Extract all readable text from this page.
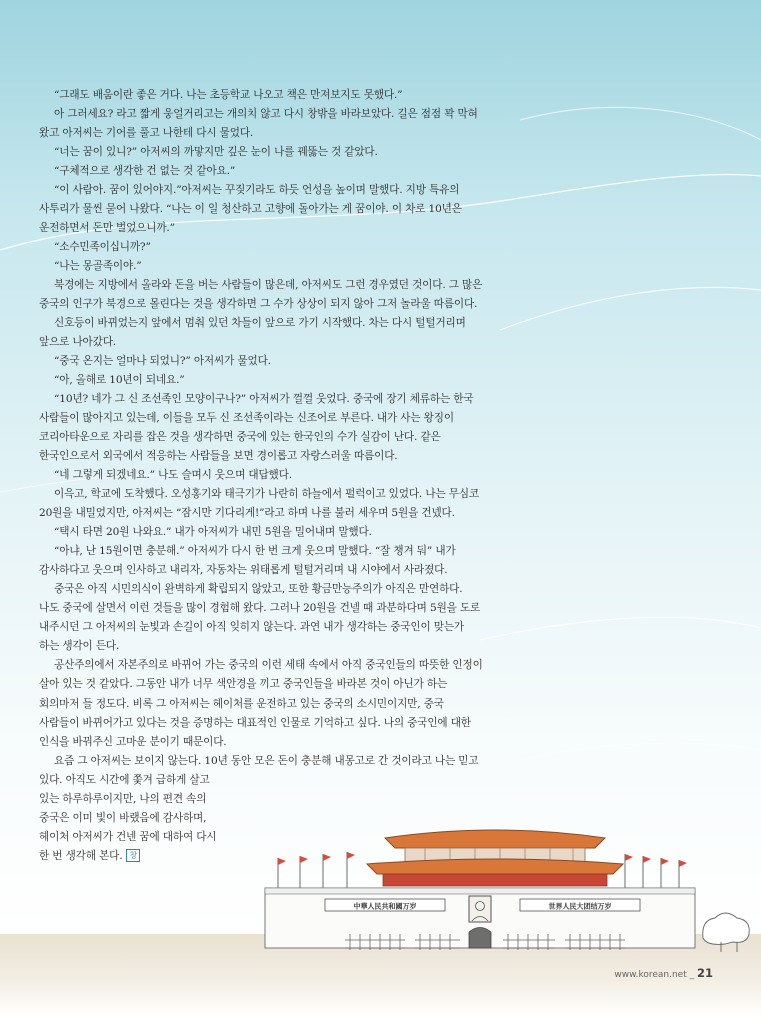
“그래도 배움이란 좋은 거다. 나는 초등학교 나오고 책은 만져보지도 못했다.”
아 그러세요? 라고 짧게 웅얼거리고는 개의치 않고 다시 창밖을 바라보았다. 길은 점점 꽉 막혀
왔고 아저씨는 기어를 풀고 나한테 다시 물었다.
“너는 꿈이 있니?” 아저씨의 까맣지만 깊은 눈이 나를 꿰뚫는 것 같았다.
“구체적으로 생각한 건 없는 것 같아요.”
“이 사람아. 꿈이 있어야지.”아저씨는 꾸짖기라도 하듯 언성을 높이며 말했다. 지방 특유의
사투리가 물씬 묻어 나왔다. “나는 이 일 청산하고 고향에 돌아가는 게 꿈이야. 이 차로 10년은
운전하면서 돈만 벌었으니까.”
“소수민족이십니까?”
“나는 몽골족이야.”
북경에는 지방에서 올라와 돈을 버는 사람들이 많은데, 아저씨도 그런 경우였던 것이다. 그 많은
중국의 인구가 북경으로 몰린다는 것을 생각하면 그 수가 상상이 되지 않아 그저 놀라울 따름이다.
신호등이 바뀌었는지 앞에서 멈춰 있던 차들이 앞으로 가기 시작했다. 차는 다시 털털거리며
앞으로 나아갔다.
“중국 온지는 얼마나 되었니?” 아저씨가 물었다.
“아, 올해로 10년이 되네요.”
“10년? 네가 그 신 조선족인 모양이구나?” 아저씨가 껄껄 웃었다. 중국에 장기 체류하는 한국
사람들이 많아지고 있는데, 이들을 모두 신 조선족이라는 신조어로 부른다. 내가 사는 왕징이
코리아타운으로 자리를 잡은 것을 생각하면 중국에 있는 한국인의 수가 실감이 난다. 같은
한국인으로서 외국에서 적응하는 사람들을 보면 경이롭고 자랑스러울 따름이다.
“네 그렇게 되겠네요.” 나도 슬며시 웃으며 대답했다.
이윽고, 학교에 도착했다. 오성홍기와 태극기가 나란히 하늘에서 펄럭이고 있었다. 나는 무심코
20원을 내밀었지만, 아저씨는 “잠시만 기다리게!”라고 하며 나를 불러 세우며 5원을 건넸다.
“택시 타면 20원 나와요.” 내가 아저씨가 내민 5원을 밀어내며 말했다.
“아냐, 난 15원이면 충분해.” 아저씨가 다시 한 번 크게 웃으며 말했다. “잘 챙겨 둬” 내가
감사하다고 웃으며 인사하고 내리자, 자동차는 위태롭게 털털거리며 내 시야에서 사라졌다.
중국은 아직 시민의식이 완벽하게 확립되지 않았고, 또한 황금만능주의가 아직은 만연하다.
나도 중국에 살면서 이런 것들을 많이 경험해 왔다. 그러나 20원을 건넬 때 과분하다며 5원을 도로
내주시던 그 아저씨의 눈빛과 손길이 아직 잊히지 않는다. 과연 내가 생각하는 중국인이 맞는가
하는 생각이 든다.
공산주의에서 자본주의로 바뀌어 가는 중국의 이런 세태 속에서 아직 중국인들의 따뜻한 인정이
살아 있는 것 같았다. 그동안 내가 너무 색안경을 끼고 중국인들을 바라본 것이 아닌가 하는
회의마저 들 정도다. 비록 그 아저씨는 헤이처를 운전하고 있는 중국의 소시민이지만, 중국
사람들이 바뀌어가고 있다는 것을 증명하는 대표적인 인물로 기억하고 싶다. 나의 중국인에 대한
인식을 바꿔주신 고마운 분이기 때문이다.
요즘 그 아저씨는 보이지 않는다. 10년 동안 모은 돈이 충분해 내몽고로 간 것이라고 나는 믿고
있다. 아직도 시간에 쫓겨 급하게 살고
있는 하루하루이지만, 나의 편견 속의
중국은 이미 빛이 바랬음에 감사하며,
헤이처 아저씨가 건넨 꿈에 대하여 다시
한 번 생각해 본다. 창
中華人民共和國万岁	世界人民大团结万岁
www.korean.net _ 21
